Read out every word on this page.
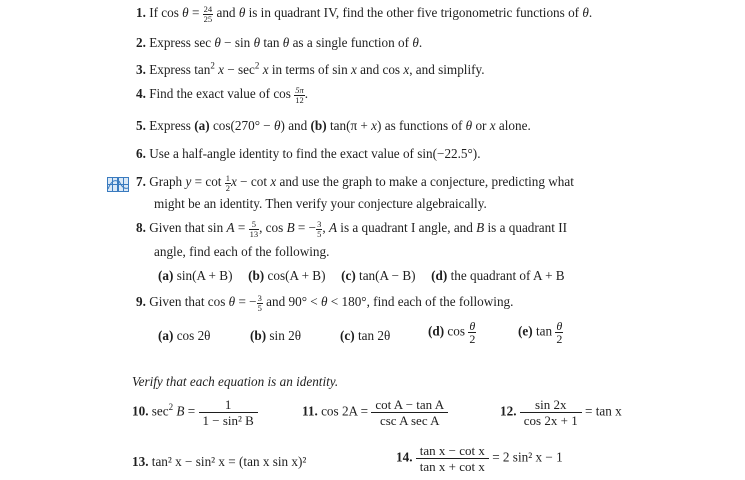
1. If $\cos \theta = \frac{24}{25}$ and θ is in quadrant IV, find the other five trigonometric functions of θ.
2. Express sec θ − sin θ tan θ as a single function of θ.
3. Express $\tan^2 x - \sec^2 x$ in terms of sin x and cos x, and simplify.
4. Find the exact value of $\cos \frac{5\pi}{12}$ .
5. Express (a) cos(270° − θ) and (b) tan(π + x) as functions of θ or x alone.
6. Use a half-angle identity to find the exact value of sin(−22.5°).
7. Graph $y = \cot \frac{1}{2}$ x − cot x and use the graph to make a conjecture, predicting what
might be an identity. Then verify your conjecture algebraically.
8. Given that $\sin A = \frac{5}{13}$ , cos B = − $\frac{3}{5}$ , A is a quadrant I angle, and B is a quadrant II
angle, find each of the following.
(a) sin(A + B) (b) cos(A + B) (c) tan(A − B) (d) the quadrant of A + B
9. Given that cos θ = − $\frac{3}{5}$ and 90° < θ < 180°, find each of the following.
(a) cos 2θ	(b) sin 2θ	(c) tan 2θ	(d) $\cos \frac{\theta}{2}$	(e) $\tan \frac{\theta}{2}$
Verify that each equation is an identity.
10. $\sec^2 B = \frac{1}{\text{1 − sin² B}}$	11. $\cos 2A = \frac{\text{cot A − tan A}}{\text{csc A sec A}}$	12. $\frac{\sin 2x}{\cos 2x + 1} = \tan x$
13. tan² x − sin² x = (tan x sin x)²	14. $\frac{\text{tan x − cot x}}{\text{tan x + cot x}} = 2$ sin² x − 1
